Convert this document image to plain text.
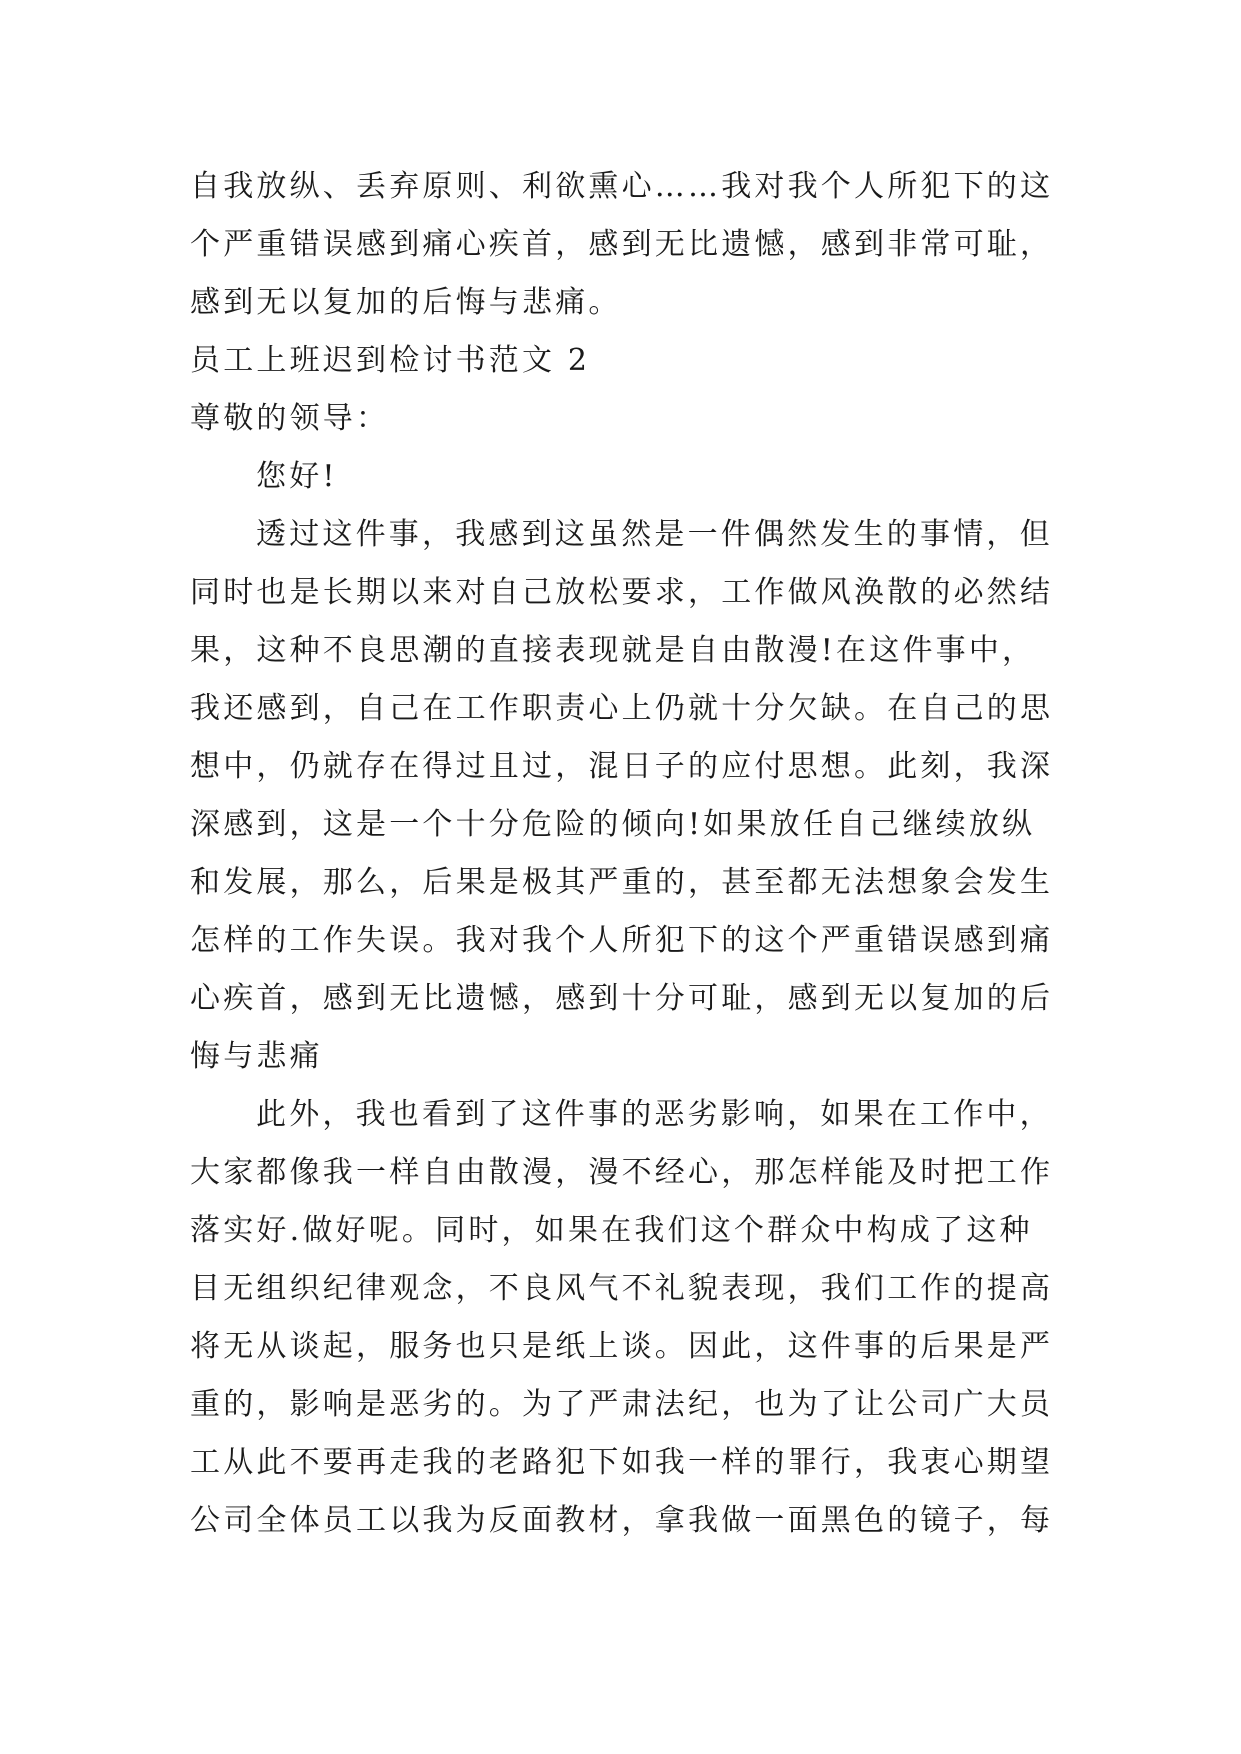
自我放纵、丢弃原则、利欲熏心……我对我个人所犯下的这
个严重错误感到痛心疾首，感到无比遗憾，感到非常可耻，
感到无以复加的后悔与悲痛。
员工上班迟到检讨书范文 2
尊敬的领导：
您好!
透过这件事，我感到这虽然是一件偶然发生的事情，但
同时也是长期以来对自己放松要求，工作做风涣散的必然结
果，这种不良思潮的直接表现就是自由散漫!在这件事中，
我还感到，自己在工作职责心上仍就十分欠缺。在自己的思
想中，仍就存在得过且过，混日子的应付思想。此刻，我深
深感到，这是一个十分危险的倾向!如果放任自己继续放纵
和发展，那么，后果是极其严重的，甚至都无法想象会发生
怎样的工作失误。我对我个人所犯下的这个严重错误感到痛
心疾首，感到无比遗憾，感到十分可耻，感到无以复加的后
悔与悲痛
此外，我也看到了这件事的恶劣影响，如果在工作中，
大家都像我一样自由散漫，漫不经心，那怎样能及时把工作
落实好.做好呢。同时，如果在我们这个群众中构成了这种
目无组织纪律观念，不良风气不礼貌表现，我们工作的提高
将无从谈起，服务也只是纸上谈。因此，这件事的后果是严
重的，影响是恶劣的。为了严肃法纪，也为了让公司广大员
工从此不要再走我的老路犯下如我一样的罪行，我衷心期望
公司全体员工以我为反面教材，拿我做一面黑色的镜子，每
